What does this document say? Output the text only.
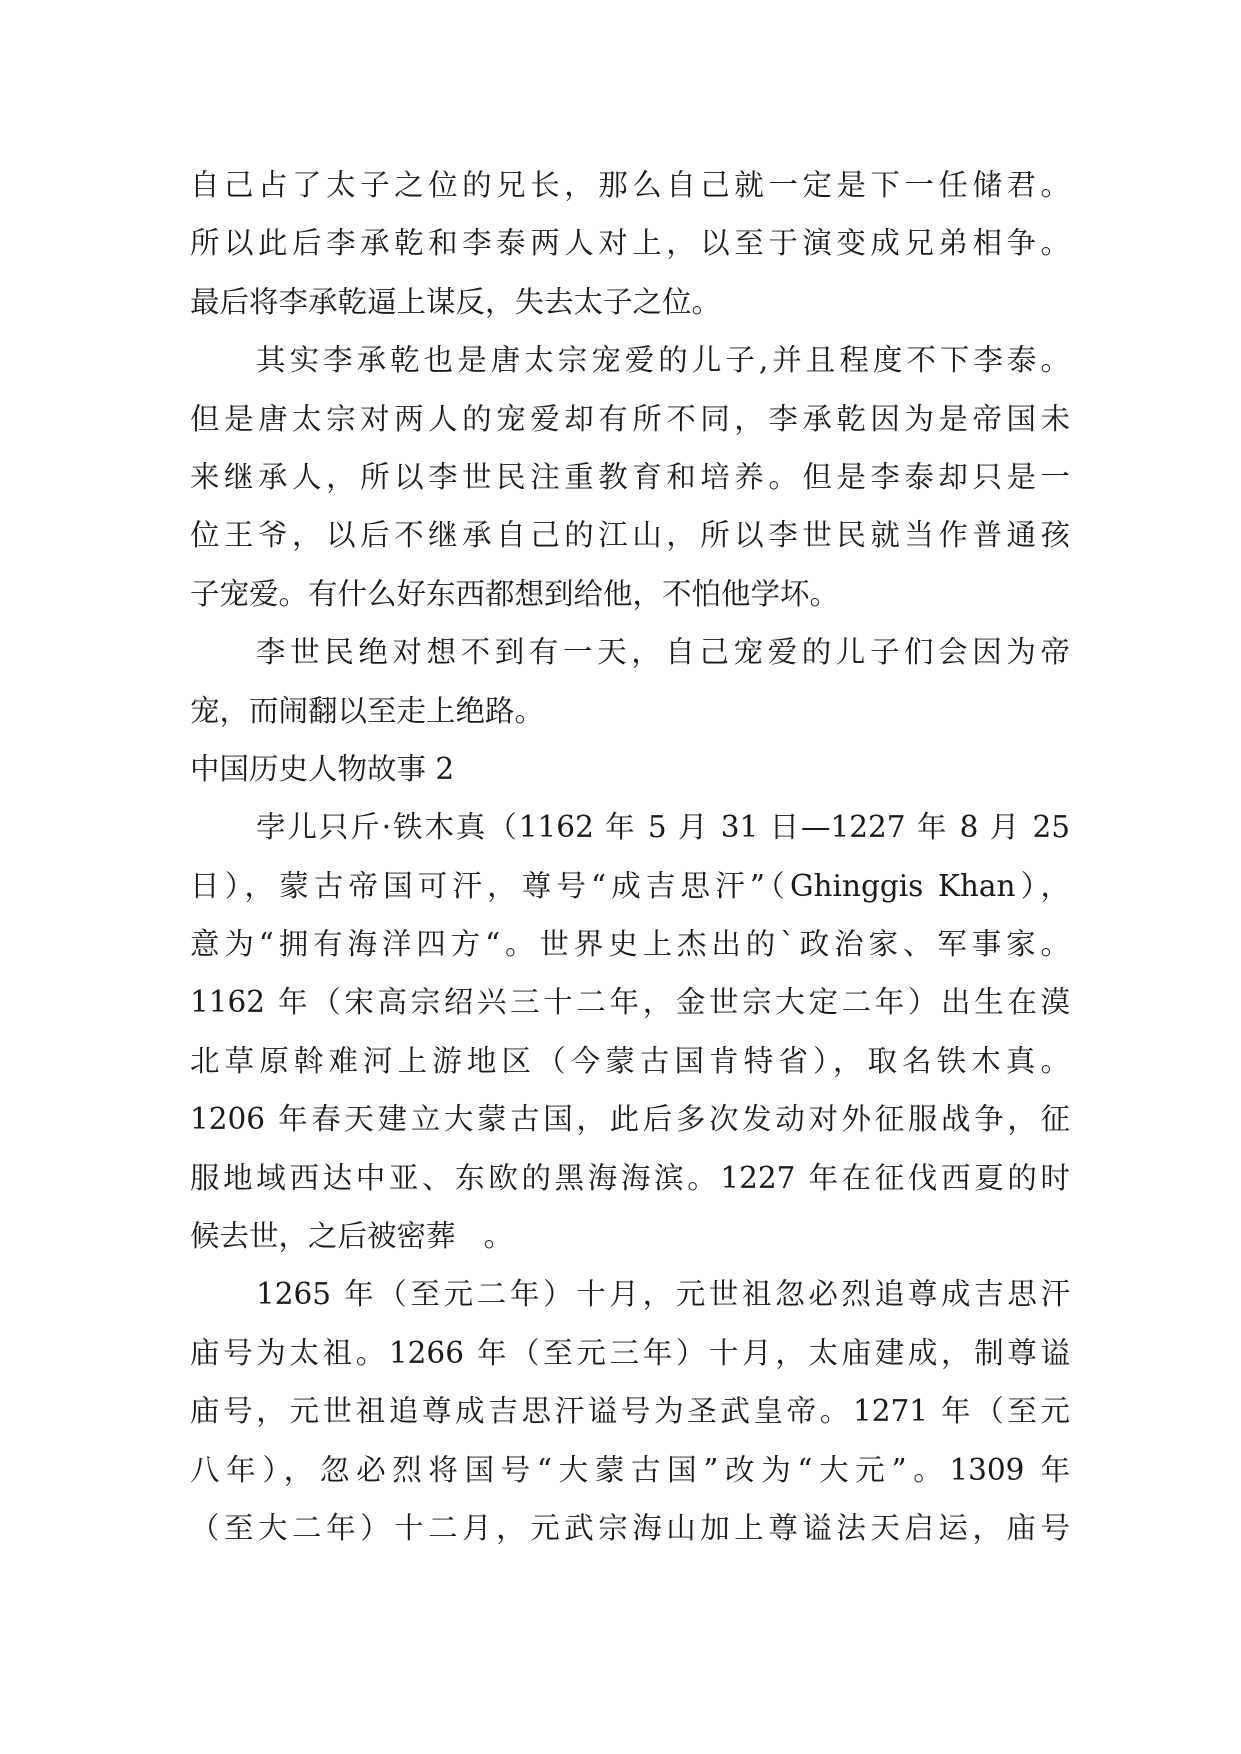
自己占了太子之位的兄长，那么自己就一定是下一任储君。
所以此后李承乾和李泰两人对上，以至于演变成兄弟相争。
最后将李承乾逼上谋反，失去太子之位。
其实李承乾也是唐太宗宠爱的儿子,并且程度不下李泰。
但是唐太宗对两人的宠爱却有所不同，李承乾因为是帝国未
来继承人，所以李世民注重教育和培养。但是李泰却只是一
位王爷，以后不继承自己的江山，所以李世民就当作普通孩
子宠爱。有什么好东西都想到给他，不怕他学坏。
李世民绝对想不到有一天，自己宠爱的儿子们会因为帝
宠，而闹翻以至走上绝路。
中国历史人物故事 2
孛儿只斤·铁木真（1162 年 5 月 31 日—1227 年 8 月 25
日），蒙古帝国可汗，尊号“成吉思汗”（Ghinggis Khan），
意为“拥有海洋四方“。世界史上杰出的`政治家、军事家。
1162 年（宋高宗绍兴三十二年，金世宗大定二年）出生在漠
北草原斡难河上游地区（今蒙古国肯特省），取名铁木真。
1206 年春天建立大蒙古国，此后多次发动对外征服战争，征
服地域西达中亚、东欧的黑海海滨。1227 年在征伐西夏的时
候去世，之后被密葬   。
1265 年（至元二年）十月，元世祖忽必烈追尊成吉思汗
庙号为太祖。1266 年（至元三年）十月，太庙建成，制尊谥
庙号，元世祖追尊成吉思汗谥号为圣武皇帝。1271 年（至元
八年），忽必烈将国号“大蒙古国”改为“大元”。1309 年
（至大二年）十二月，元武宗海山加上尊谥法天启运，庙号
